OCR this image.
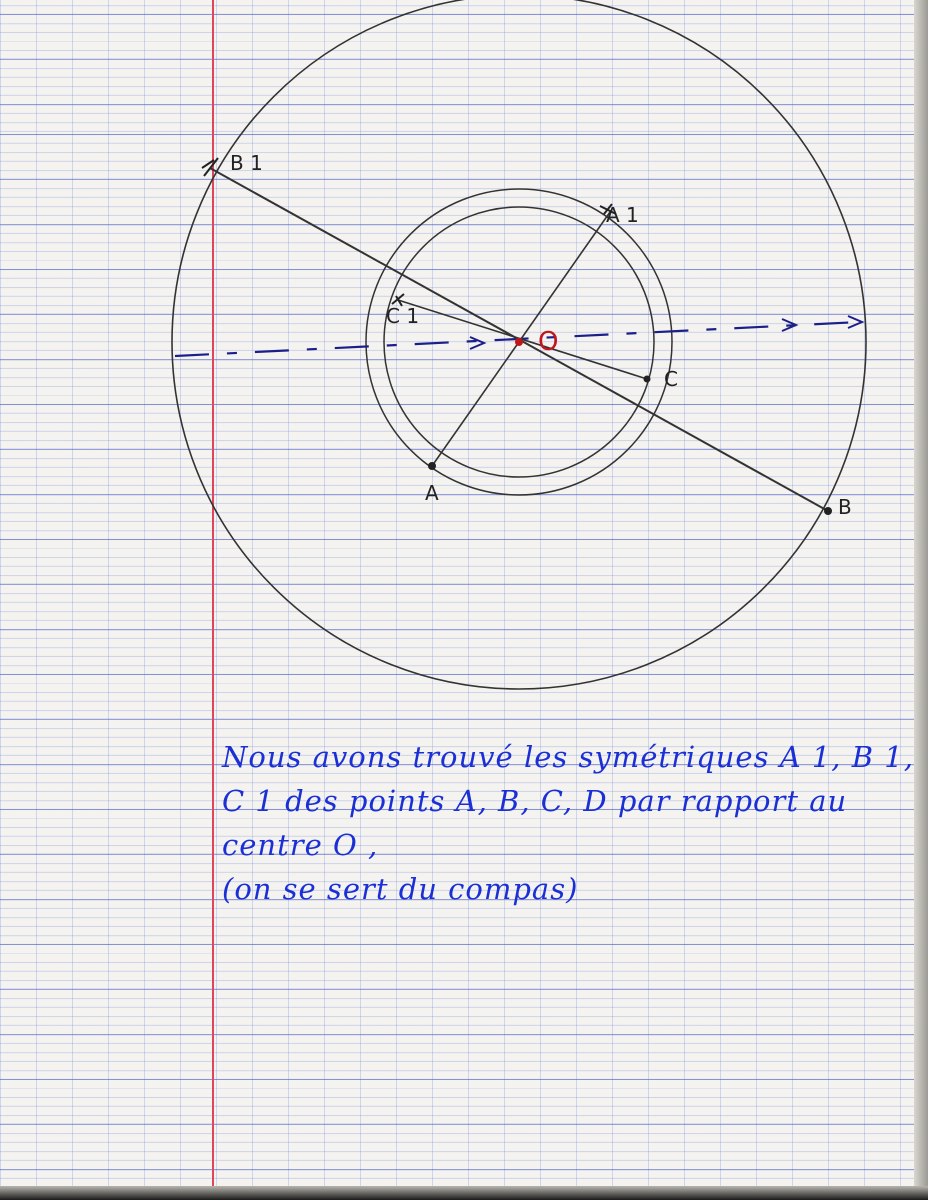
B 1
A 1
C 1
O
C
A
B
Nous avons trouvé les symétriques A 1, B 1,
C 1 des points A, B, C, D par rapport au
centre O ,
(on se sert du compas)
